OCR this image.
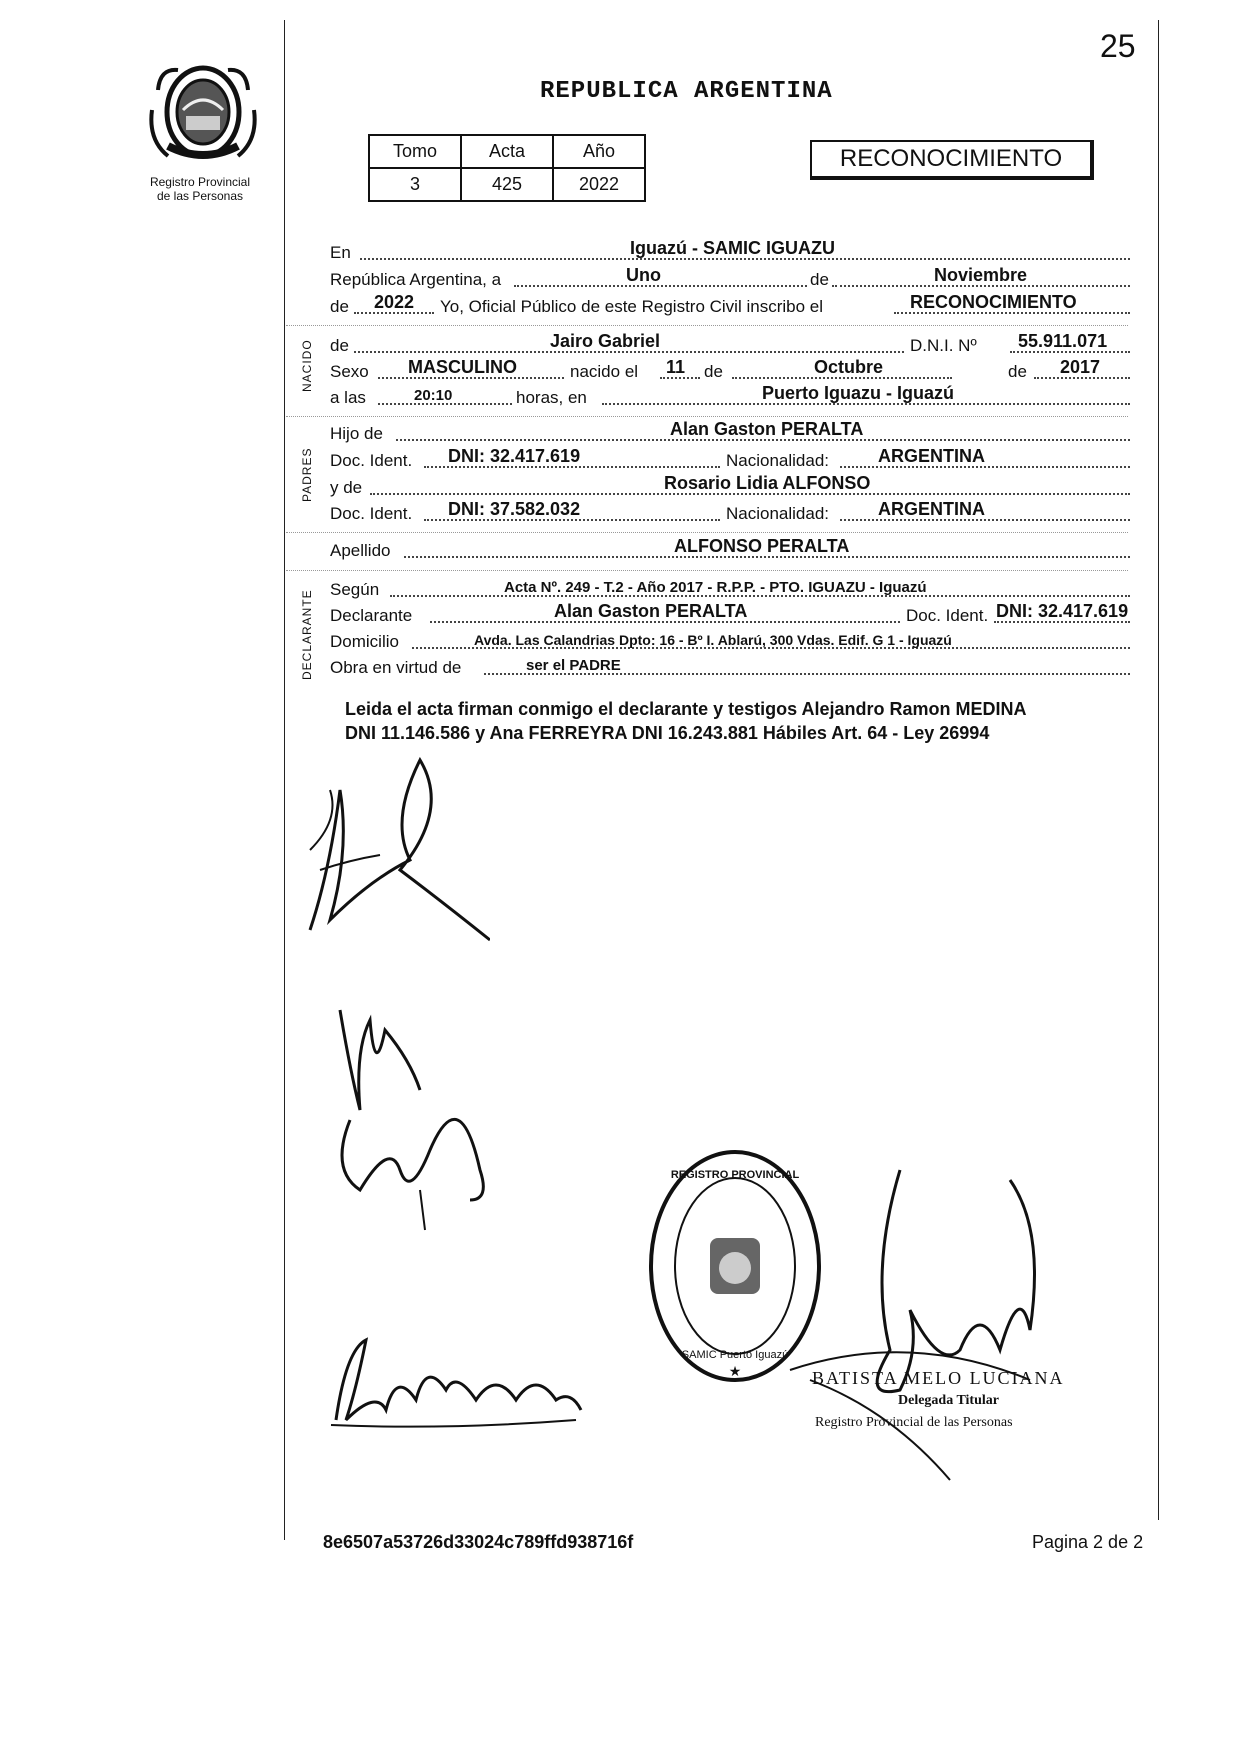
25
REPUBLICA ARGENTINA
Registro Provincial
de las Personas
Tomo	Acta	Año
3	425	2022
RECONOCIMIENTO
En	Iguazú - SAMIC IGUAZU
República Argentina, a	Uno	de	Noviembre
de 2022 Yo, Oficial Público de este Registro Civil inscribo el	RECONOCIMIENTO
NACIDO de	Jairo Gabriel	D.N.I. Nº 55.911.071
Sexo MASCULINO	nacido el 11 de	Octubre	de 2017
a las	20:10	horas, en	Puerto Iguazu - Iguazú
PADRES
Hijo de	Alan Gaston PERALTA
Doc. Ident. DNI: 32.417.619	Nacionalidad:	ARGENTINA
y de	Rosario Lidia ALFONSO
Doc. Ident. DNI: 37.582.032	Nacionalidad:	ARGENTINA
Apellido	ALFONSO PERALTA
DECLARANTE Según	Acta Nº. 249 - T.2 - Año 2017 - R.P.P. - PTO. IGUAZU - Iguazú
Declarante	Alan Gaston PERALTA	Doc. Ident. DNI: 32.417.619
Domicilio	Avda. Las Calandrias Dpto: 16 - Bº I. Ablarú, 300 Vdas. Edif. G 1 - Iguazú
Obra en virtud de	ser el PADRE
Leida el acta firman conmigo el declarante y testigos Alejandro Ramon MEDINA
DNI 11.146.586 y Ana FERREYRA DNI 16.243.881 Hábiles Art. 64 - Ley 26994
REGISTRO PROVINCIAL
SAMIC Puerto Iguazú
★	BATISTA MELO LUCIANA
Delegada Titular
Registro Provincial de las Personas
8e6507a53726d33024c789ffd938716f	Pagina 2 de 2
